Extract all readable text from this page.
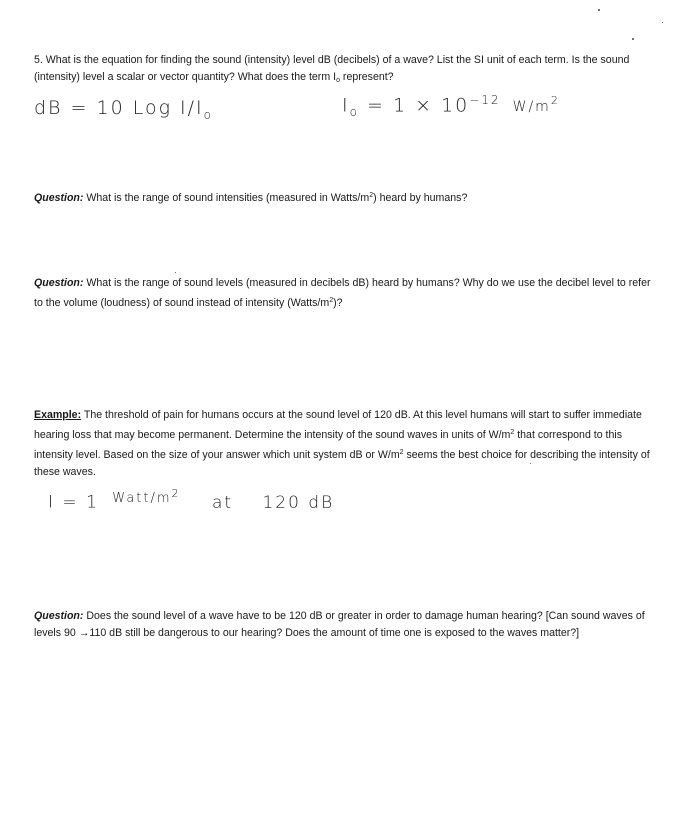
5. What is the equation for finding the sound (intensity) level dB (decibels) of a wave? List the SI unit of each term. Is the sound (intensity) level a scalar or vector quantity? What does the term $I_o$ represent?
dB = 10 Log $I/I_o$	$I_o = 1 \times 10^{-12}$ $W/m^2$
Question: What is the range of sound intensities (measured in Watts/$m^2$) heard by humans?
Question: What is the range of sound levels (measured in decibels dB) heard by humans? Why do we use the decibel level to refer to the volume (loudness) of sound instead of intensity $(Watts/m^2)$?
Example: The threshold of pain for humans occurs at the sound level of 120 dB. At this level humans will start to suffer immediate hearing loss that may become permanent. Determine the intensity of the sound waves in units of $W/m^2$ that correspond to this intensity level. Based on the size of your answer which unit system dB or $W/m^2$ seems the best choice for describing the intensity of these waves.
I = 1 $^{Watt/m2}$ at 120 dB
Question: Does the sound level of a wave have to be 120 dB or greater in order to damage human hearing? [Can sound waves of levels 90 →110 dB still be dangerous to our hearing? Does the amount of time one is exposed to the waves matter?]
